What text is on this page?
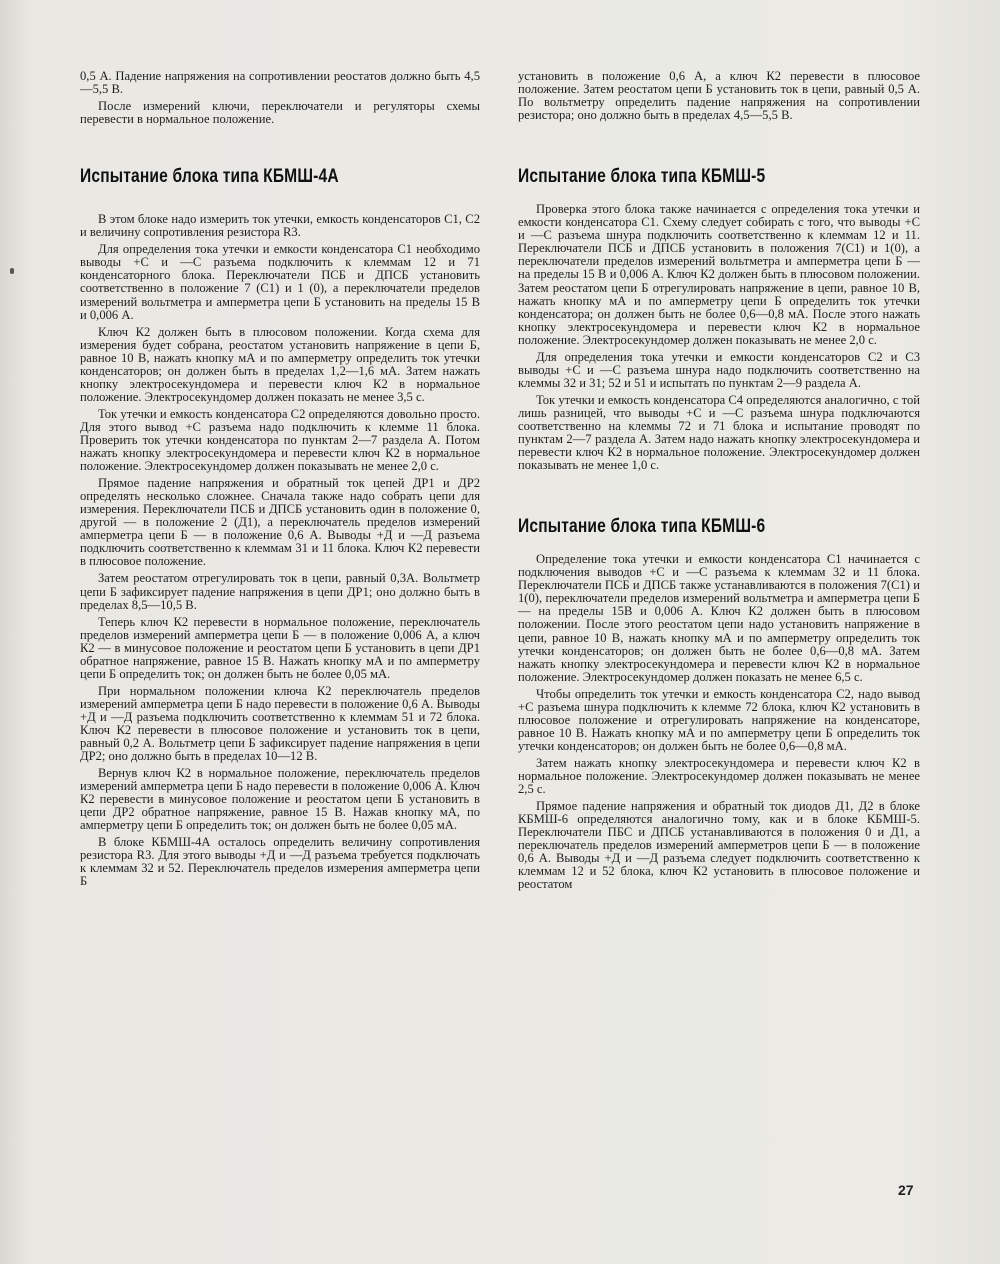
0,5 А. Падение напряжения на сопротивлении реостатов должно быть 4,5—5,5 В.

После измерений ключи, переключатели и регуляторы схемы перевести в нормальное положение.

Испытание блока типа КБМШ-4А

В этом блоке надо измерить ток утечки, емкость конденсаторов С1, С2 и величину сопротивления резистора R3.

Для определения тока утечки и емкости конденсатора С1 необходимо выводы +С и —С разъема подключить к клеммам 12 и 71 конденсаторного блока. Переключатели ПСБ и ДПСБ установить соответственно в положение 7 (С1) и 1 (0), а переключатели пределов измерений вольтметра и амперметра цепи Б установить на пределы 15 В и 0,006 А.

Ключ К2 должен быть в плюсовом положении. Когда схема для измерения будет собрана, реостатом установить напряжение в цепи Б, равное 10 В, нажать кнопку мА и по амперметру определить ток утечки конденсаторов; он должен быть в пределах 1,2—1,6 мА. Затем нажать кнопку электросекундомера и перевести ключ К2 в нормальное положение. Электросекундомер должен показать не менее 3,5 с.

Ток утечки и емкость конденсатора С2 определяются довольно просто. Для этого вывод +С разъема надо подключить к клемме 11 блока. Проверить ток утечки конденсатора по пунктам 2—7 раздела А. Потом нажать кнопку электросекундомера и перевести ключ К2 в нормальное положение. Электросекундомер должен показывать не менее 2,0 с.

Прямое падение напряжения и обратный ток цепей ДР1 и ДР2 определять несколько сложнее. Сначала также надо собрать цепи для измерения. Переключатели ПСБ и ДПСБ установить один в положение 0, другой — в положение 2 (Д1), а переключатель пределов измерений амперметра цепи Б — в положение 0,6 А. Выводы +Д и —Д разъема подключить соответственно к клеммам 31 и 11 блока. Ключ К2 перевести в плюсовое положение.

Затем реостатом отрегулировать ток в цепи, равный 0,3А. Вольтметр цепи Б зафиксирует падение напряжения в цепи ДР1; оно должно быть в пределах 8,5—10,5 В.

Теперь ключ К2 перевести в нормальное положение, переключатель пределов измерений амперметра цепи Б — в положение 0,006 А, а ключ К2 — в минусовое положение и реостатом цепи Б установить в цепи ДР1 обратное напряжение, равное 15 В. Нажать кнопку мА и по амперметру цепи Б определить ток; он должен быть не более 0,05 мА.

При нормальном положении ключа К2 переключатель пределов измерений амперметра цепи Б надо перевести в положение 0,6 А. Выводы +Д и —Д разъема подключить соответственно к клеммам 51 и 72 блока. Ключ К2 перевести в плюсовое положение и установить ток в цепи, равный 0,2 А. Вольтметр цепи Б зафиксирует падение напряжения в цепи ДР2; оно должно быть в пределах 10—12 В.

Вернув ключ К2 в нормальное положение, переключатель пределов измерений амперметра цепи Б надо перевести в положение 0,006 А. Ключ К2 перевести в минусовое положение и реостатом цепи Б установить в цепи ДР2 обратное напряжение, равное 15 В. Нажав кнопку мА, по амперметру цепи Б определить ток; он должен быть не более 0,05 мА.

В блоке КБМШ-4А осталось определить величину сопротивления резистора R3. Для этого выводы +Д и —Д разъема требуется подключать к клеммам 32 и 52. Переключатель пределов измерения амперметра цепи Б

установить в положение 0,6 А, а ключ К2 перевести в плюсовое положение. Затем реостатом цепи Б установить ток в цепи, равный 0,5 А. По вольтметру определить падение напряжения на сопротивлении резистора; оно должно быть в пределах 4,5—5,5 В.

Испытание блока типа КБМШ-5

Проверка этого блока также начинается с определения тока утечки и емкости конденсатора С1. Схему следует собирать с того, что выводы +С и —С разъема шнура подключить соответственно к клеммам 12 и 11. Переключатели ПСБ и ДПСБ установить в положения 7(С1) и 1(0), а переключатели пределов измерений вольтметра и амперметра цепи Б — на пределы 15 В и 0,006 А. Ключ К2 должен быть в плюсовом положении. Затем реостатом цепи Б отрегулировать напряжение в цепи, равное 10 В, нажать кнопку мА и по амперметру цепи Б определить ток утечки конденсатора; он должен быть не более 0,6—0,8 мА. После этого нажать кнопку электросекундомера и перевести ключ К2 в нормальное положение. Электросекундомер должен показывать не менее 2,0 с.

Для определения тока утечки и емкости конденсаторов С2 и С3 выводы +С и —С разъема шнура надо подключить соответственно на клеммы 32 и 31; 52 и 51 и испытать по пунктам 2—9 раздела А.

Ток утечки и емкость конденсатора С4 определяются аналогично, с той лишь разницей, что выводы +С и —С разъема шнура подключаются соответственно на клеммы 72 и 71 блока и испытание проводят по пунктам 2—7 раздела А. Затем надо нажать кнопку электросекундомера и перевести ключ К2 в нормальное положение. Электросекундомер должен показывать не менее 1,0 с.

Испытание блока типа КБМШ-6

Определение тока утечки и емкости конденсатора С1 начинается с подключения выводов +С и —С разъема к клеммам 32 и 11 блока. Переключатели ПСБ и ДПСБ также устанавливаются в положения 7(С1) и 1(0), переключатели пределов измерений вольтметра и амперметра цепи Б — на пределы 15В и 0,006 А. Ключ К2 должен быть в плюсовом положении. После этого реостатом цепи надо установить напряжение в цепи, равное 10 В, нажать кнопку мА и по амперметру определить ток утечки конденсаторов; он должен быть не более 0,6—0,8 мА. Затем нажать кнопку электросекундомера и перевести ключ К2 в нормальное положение. Электросекундомер должен показать не менее 6,5 с.

Чтобы определить ток утечки и емкость конденсатора С2, надо вывод +С разъема шнура подключить к клемме 72 блока, ключ К2 установить в плюсовое положение и отрегулировать напряжение на конденсаторе, равное 10 В. Нажать кнопку мА и по амперметру цепи Б определить ток утечки конденсаторов; он должен быть не более 0,6—0,8 мА.

Затем нажать кнопку электросекундомера и перевести ключ К2 в нормальное положение. Электросекундомер должен показывать не менее 2,5 с.

Прямое падение напряжения и обратный ток диодов Д1, Д2 в блоке КБМШ-6 определяются аналогично тому, как и в блоке КБМШ-5. Переключатели ПБС и ДПСБ устанавливаются в положения 0 и Д1, а переключатель пределов измерений амперметров цепи Б — в положение 0,6 А. Выводы +Д и —Д разъема следует подключить соответственно к клеммам 12 и 52 блока, ключ К2 установить в плюсовое положение и реостатом

27
